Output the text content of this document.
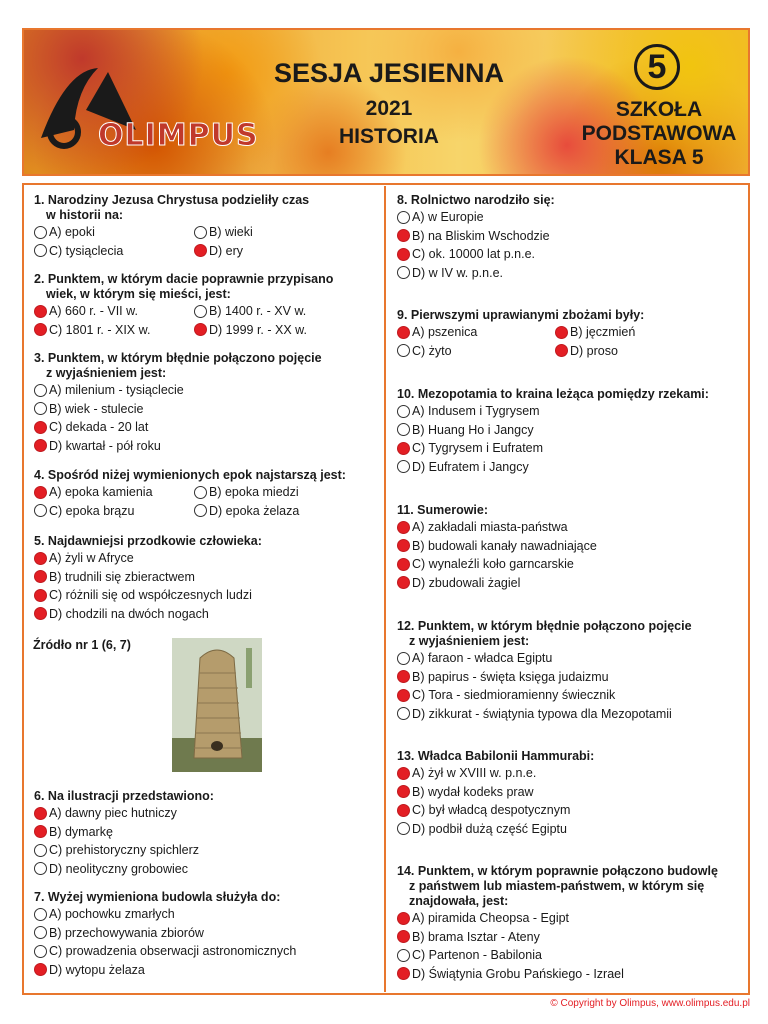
OLIMPUS
SESJA JESIENNA
2021
HISTORIA
5
SZKOŁA
PODSTAWOWA
KLASA 5
1. Narodziny Jezusa Chrystusa podzieliły czas
w historii na:
A) epoki	B) wieki
C) tysiąclecia	D) ery
2. Punktem, w którym dacie poprawnie przypisano
wiek, w którym się mieści, jest:
A) 660 r. - VII w.	B) 1400 r. - XV w.
C) 1801 r. - XIX w.	D) 1999 r. - XX w.
3. Punktem, w którym błędnie połączono pojęcie
z wyjaśnieniem jest:
A) milenium - tysiąclecie
B) wiek - stulecie
C) dekada - 20 lat
D) kwartał - pół roku
4. Spośród niżej wymienionych epok najstarszą jest:
A) epoka kamienia	B) epoka miedzi
C) epoka brązu	D) epoka żelaza
5. Najdawniejsi przodkowie człowieka:
A) żyli w Afryce
B) trudnili się zbieractwem
C) różnili się od współczesnych ludzi
D) chodzili na dwóch nogach
Źródło nr 1 (6, 7)
6. Na ilustracji przedstawiono:
A) dawny piec hutniczy
B) dymarkę
C) prehistoryczny spichlerz
D) neolityczny grobowiec
7. Wyżej wymieniona budowla służyła do:
A) pochowku zmarłych
B) przechowywania zbiorów
C) prowadzenia obserwacji astronomicznych
D) wytopu żelaza
8. Rolnictwo narodziło się:
A) w Europie
B) na Bliskim Wschodzie
C) ok. 10000 lat p.n.e.
D) w IV w. p.n.e.
9. Pierwszymi uprawianymi zbożami były:
A) pszenica	B) jęczmień
C) żyto	D) proso
10. Mezopotamia to kraina leżąca pomiędzy rzekami:
A) Indusem i Tygrysem
B) Huang Ho i Jangcy
C) Tygrysem i Eufratem
D) Eufratem i Jangcy
11. Sumerowie:
A) zakładali miasta-państwa
B) budowali kanały nawadniające
C) wynaleźli koło garncarskie
D) zbudowali żagiel
12. Punktem, w którym błędnie połączono pojęcie
z wyjaśnieniem jest:
A) faraon - władca Egiptu
B) papirus - święta księga judaizmu
C) Tora - siedmioramienny świecznik
D) zikkurat - świątynia typowa dla Mezopotamii
13. Władca Babilonii Hammurabi:
A) żył w XVIII w. p.n.e.
B) wydał kodeks praw
C) był władcą despotycznym
D) podbił dużą część Egiptu
14. Punktem, w którym poprawnie połączono budowlę
z państwem lub miastem-państwem, w którym się
znajdowała, jest:
A) piramida Cheopsa - Egipt
B) brama Isztar - Ateny
C) Partenon - Babilonia
D) Świątynia Grobu Pańskiego - Izrael
© Copyright by Olimpus, www.olimpus.edu.pl
